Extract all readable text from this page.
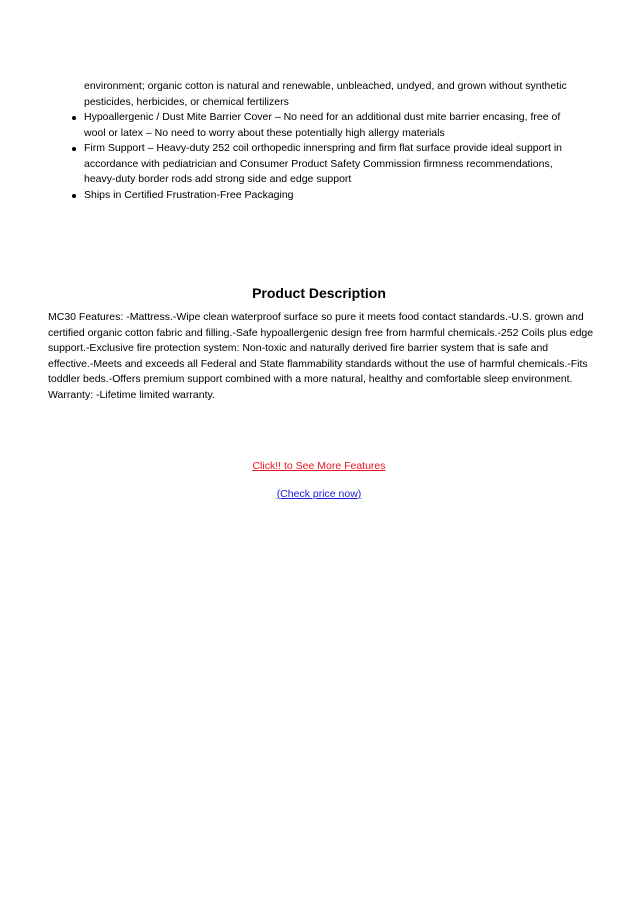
environment; organic cotton is natural and renewable, unbleached, undyed, and grown without synthetic pesticides, herbicides, or chemical fertilizers
Hypoallergenic / Dust Mite Barrier Cover – No need for an additional dust mite barrier encasing, free of wool or latex – No need to worry about these potentially high allergy materials
Firm Support – Heavy-duty 252 coil orthopedic innerspring and firm flat surface provide ideal support in accordance with pediatrician and Consumer Product Safety Commission firmness recommendations, heavy-duty border rods add strong side and edge support
Ships in Certified Frustration-Free Packaging
Product Description
MC30 Features: -Mattress.-Wipe clean waterproof surface so pure it meets food contact standards.-U.S. grown and certified organic cotton fabric and filling.-Safe hypoallergenic design free from harmful chemicals.-252 Coils plus edge support.-Exclusive fire protection system: Non-toxic and naturally derived fire barrier system that is safe and effective.-Meets and exceeds all Federal and State flammability standards without the use of harmful chemicals.-Fits toddler beds.-Offers premium support combined with a more natural, healthy and comfortable sleep environment. Warranty: -Lifetime limited warranty.
Click!! to See More Features
(Check price now)
